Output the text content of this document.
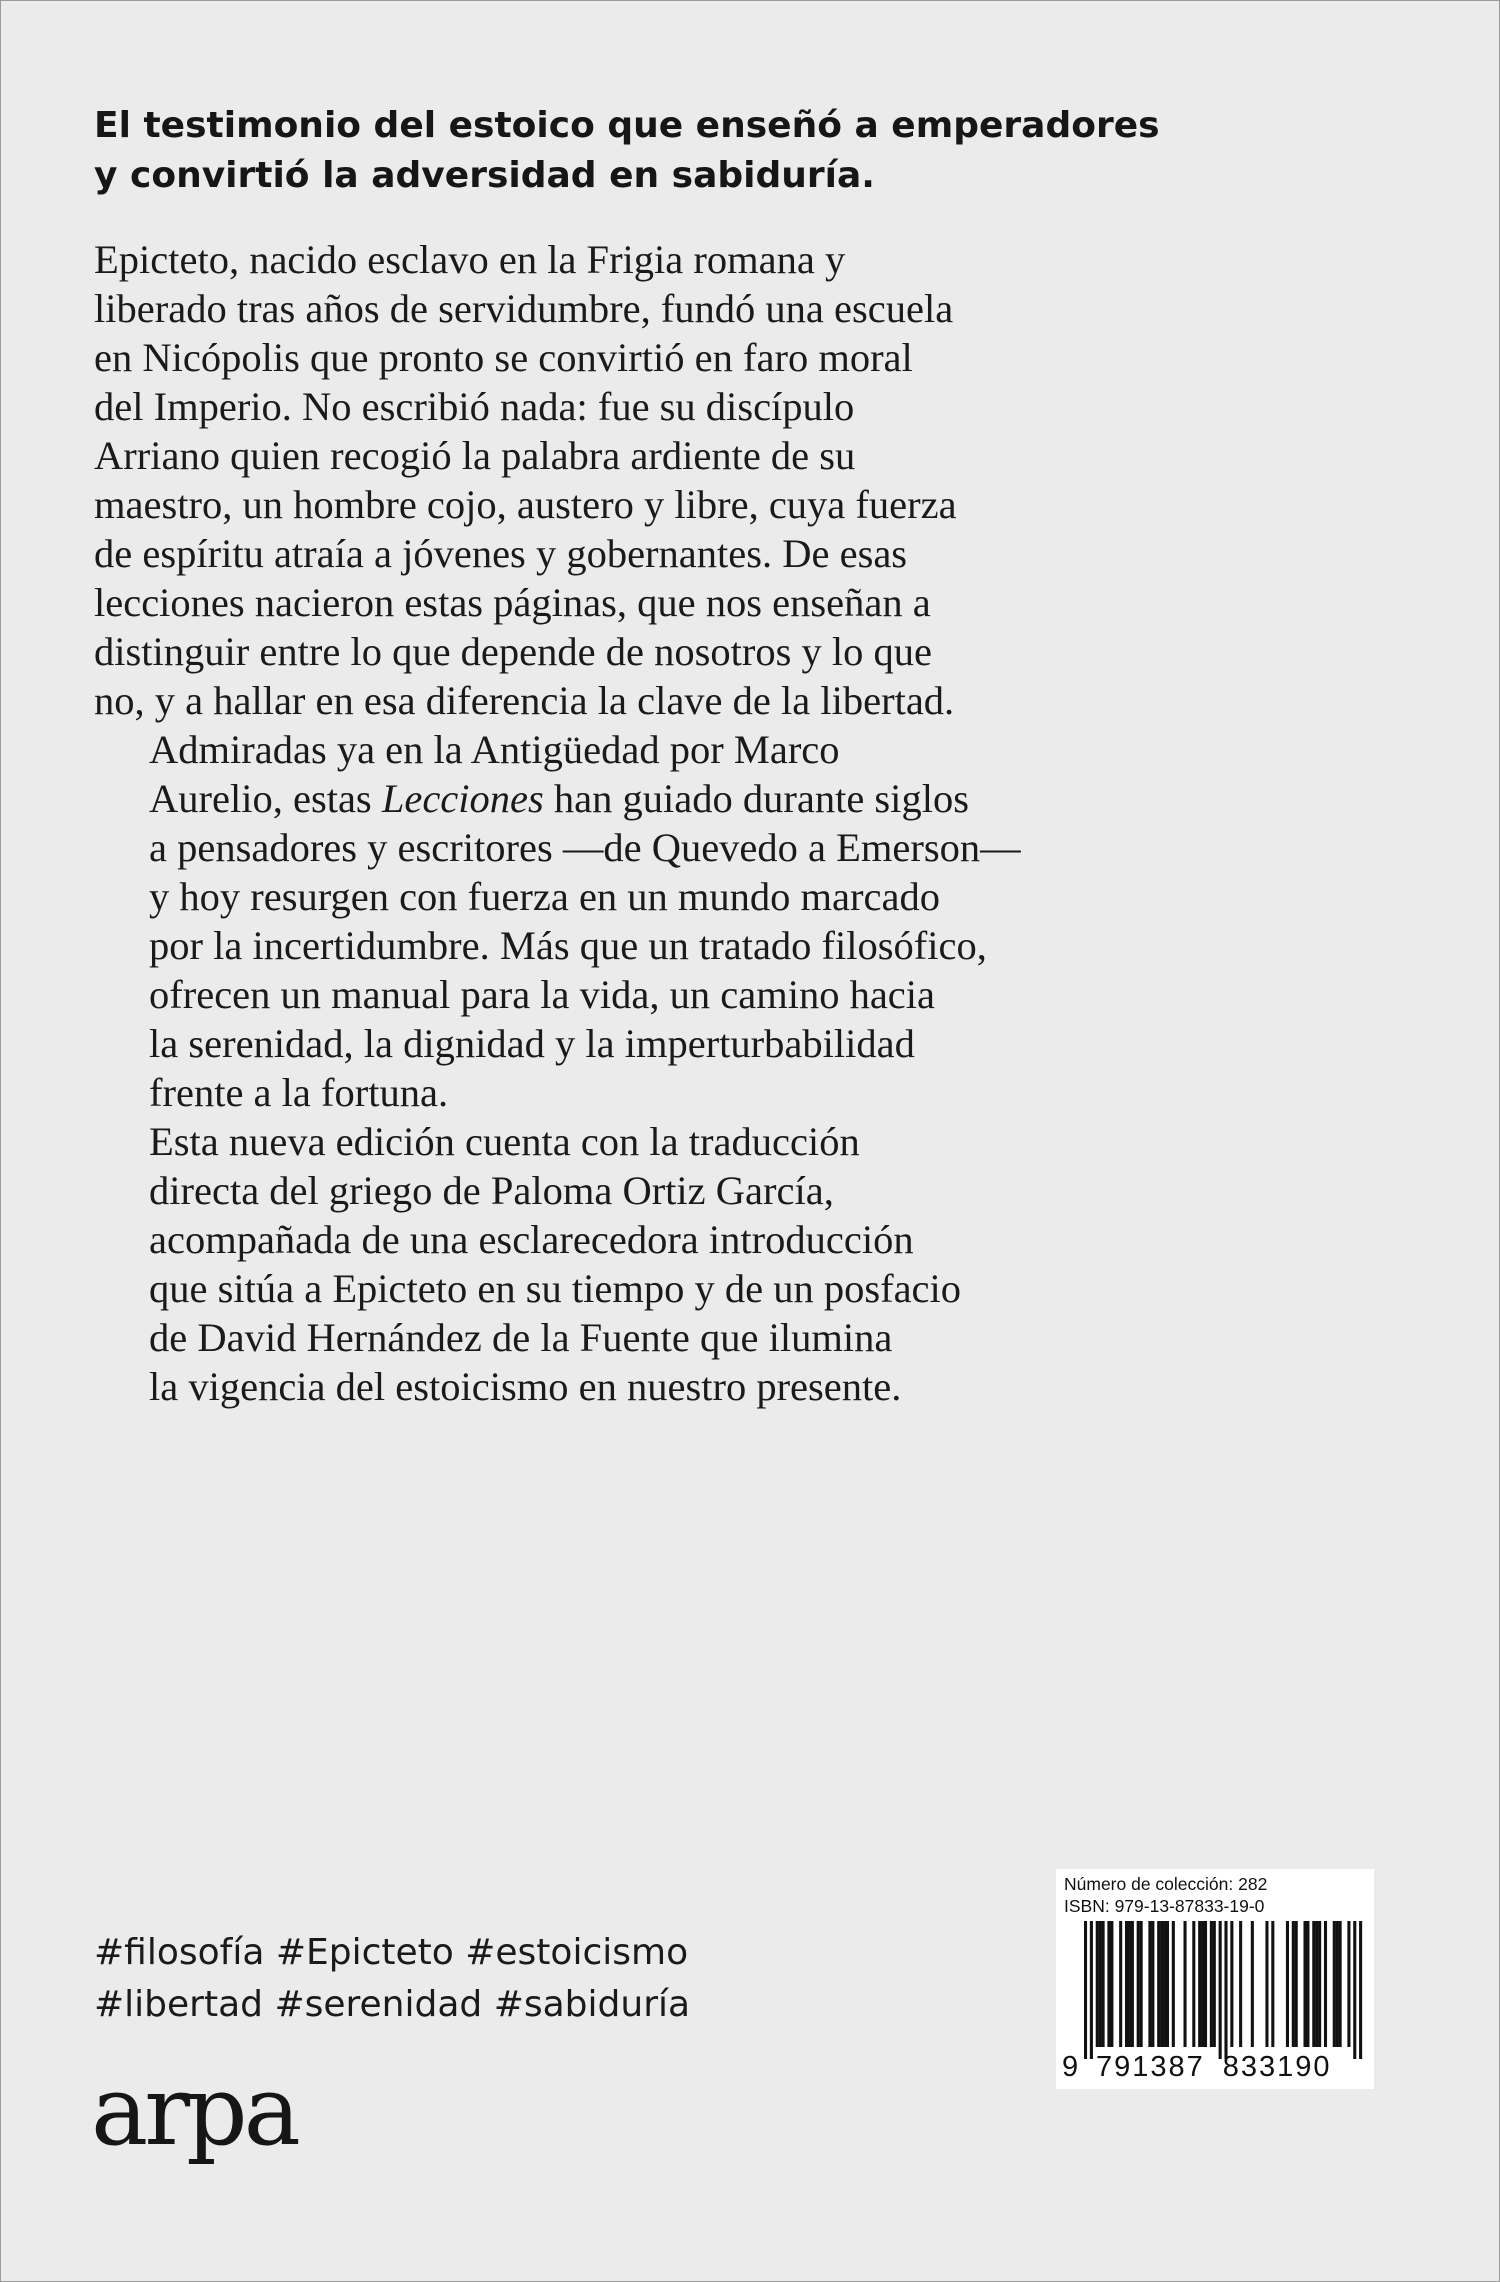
El testimonio del estoico que enseñó a emperadores
y convirtió la adversidad en sabiduría.

Epicteto, nacido esclavo en la Frigia romana y
liberado tras años de servidumbre, fundó una escuela
en Nicópolis que pronto se convirtió en faro moral
del Imperio. No escribió nada: fue su discípulo
Arriano quien recogió la palabra ardiente de su
maestro, un hombre cojo, austero y libre, cuya fuerza
de espíritu atraía a jóvenes y gobernantes. De esas
lecciones nacieron estas páginas, que nos enseñan a
distinguir entre lo que depende de nosotros y lo que
no, y a hallar en esa diferencia la clave de la libertad.
Admiradas ya en la Antigüedad por Marco
Aurelio, estas Lecciones han guiado durante siglos
a pensadores y escritores —de Quevedo a Emerson—
y hoy resurgen con fuerza en un mundo marcado
por la incertidumbre. Más que un tratado filosófico,
ofrecen un manual para la vida, un camino hacia
la serenidad, la dignidad y la imperturbabilidad
frente a la fortuna.
Esta nueva edición cuenta con la traducción
directa del griego de Paloma Ortiz García,
acompañada de una esclarecedora introducción
que sitúa a Epicteto en su tiempo y de un posfacio
de David Hernández de la Fuente que ilumina
la vigencia del estoicismo en nuestro presente.
#filosofía #Epicteto #estoicismo
#libertad #serenidad #sabiduría
arpa
Número de colección: 282
ISBN: 979-13-87833-19-0
9 791387 833190
